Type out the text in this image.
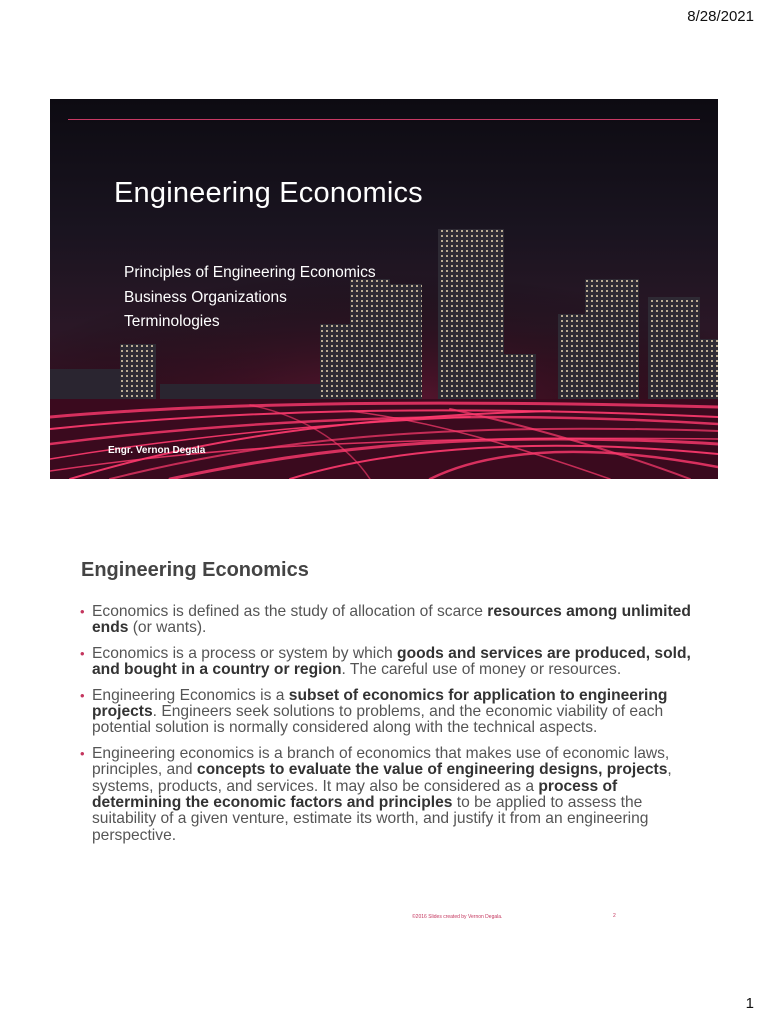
8/28/2021
Engineering Economics
Principles of Engineering Economics
Business Organizations
Terminologies
Engr. Vernon Degala
Engineering Economics
• Economics is defined as the study of allocation of scarce resources among unlimited ends (or wants).
• Economics is a process or system by which goods and services are produced, sold, and bought in a country or region. The careful use of money or resources.
• Engineering Economics is a subset of economics for application to engineering projects. Engineers seek solutions to problems, and the economic viability of each potential solution is normally considered along with the technical aspects.
• Engineering economics is a branch of economics that makes use of economic laws, principles, and concepts to evaluate the value of engineering designs, projects, systems, products, and services. It may also be considered as a process of determining the economic factors and principles to be applied to assess the suitability of a given venture, estimate its worth, and justify it from an engineering perspective.
©2016 Slides created by Vernon Degala.	2
1
